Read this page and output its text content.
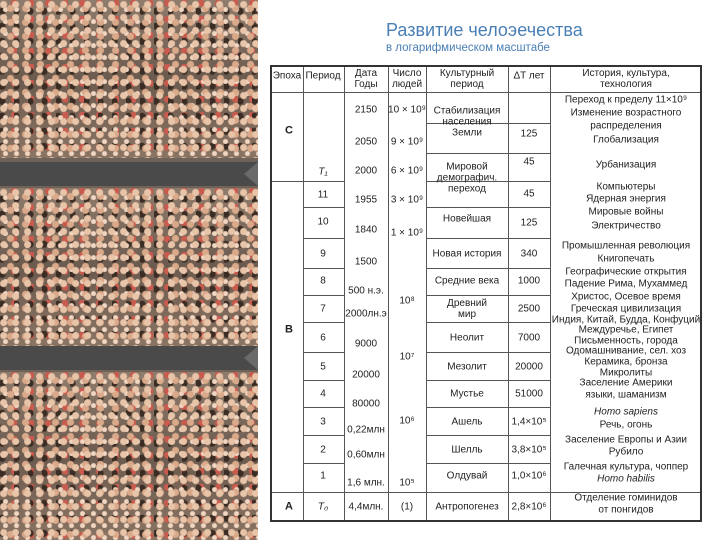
Развитие челоэечества
в логарифмическом масштабе
Эпоха Период Дата
Годы
Число
людей
Культурный
период
ΔT лет	История, культура,
технология
C
B
A
T₁
11
10
9
8
7
6
5
4
3
2
1
T₀
2150
2050
2000
1955
1840
1500
500 н.э.
2000лн.э
9000
20000
80000
0,22млн
0,60млн
1,6 млн.
4,4млн.
10 × 10⁹
9 × 10⁹
6 × 10⁹
3 × 10⁹
1 × 10⁹
10⁸
10⁷
10⁶
10⁵
(1)
Стабилизация
населения
Земли
Мировой
демографич.
переход
Новейшая
Новая история
Средние века
Древний
мир
Неолит
Мезолит
Мустье
Ашель
Шелль
Олдувай
Антропогенез
125
45
45
125
340
1000
2500
7000
20000
51000
1,4×10⁵
3,8×10⁵
1,0×10⁶
2,8×10⁶
Переход к пределу 11×10⁹
Изменение возрастного
распределения
Глобализация
Урбанизация
Компьютеры
Ядерная энергия
Мировые войны
Электричество
Промышленная революция
Книгопечать
Географические открытия
Падение Рима, Мухаммед
Христос, Осевое время
Греческая цивилизация
Индия, Китай, Будда, Конфуций
Междуречье, Египет
Письменность, города
Одомашнивание, сел. хоз
Керамика, бронза
Микролиты
Заселение Америки
языки, шаманизм
Homo sapiens
Речь, огонь
Заселение Европы и Азии
Рубило
Галечная культура, чоппер
Homo habilis
Отделение гоминидов
от понгидов
